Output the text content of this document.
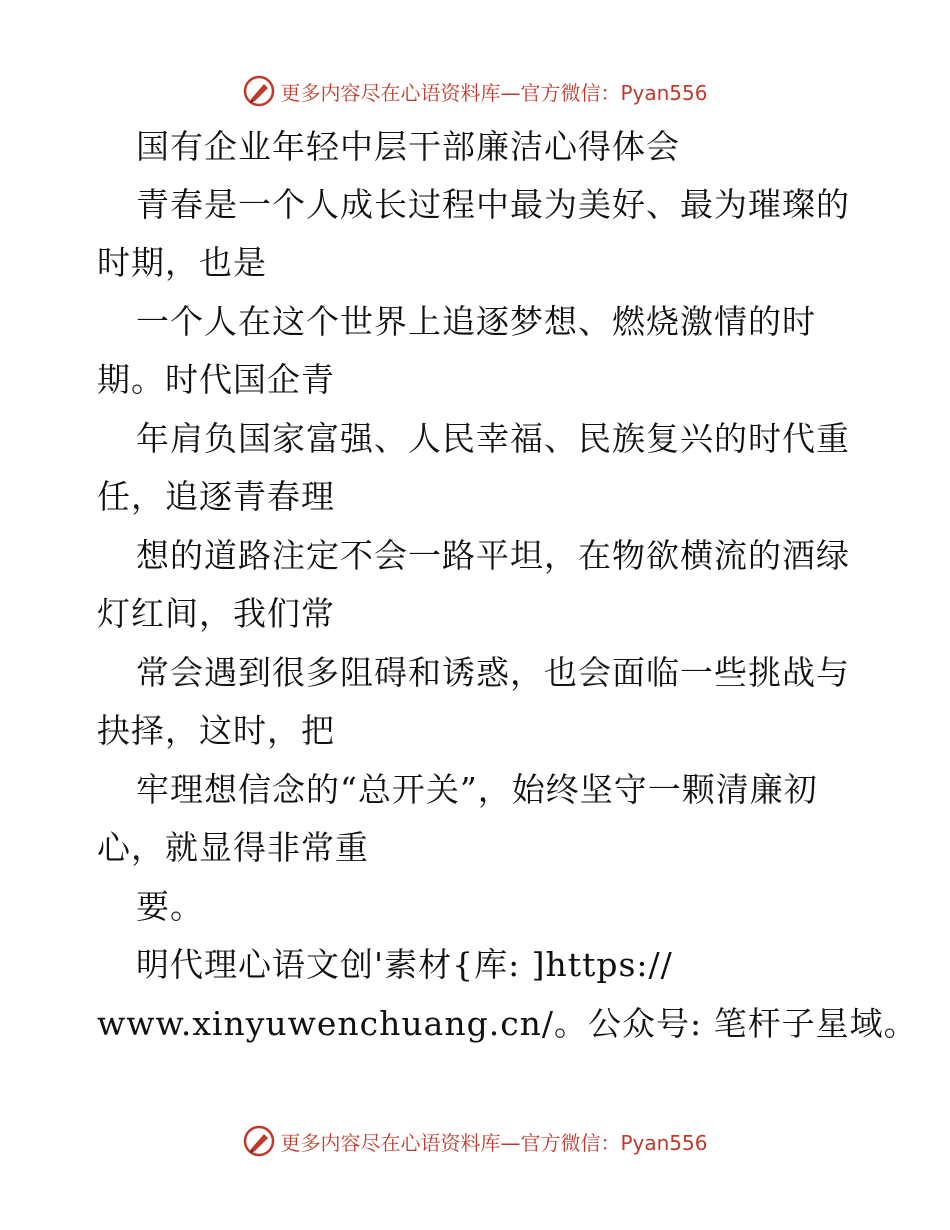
更多内容尽在心语资料库—官方微信：Pyan556
国有企业年轻中层干部廉洁心得体会
青春是一个人成长过程中最为美好、最为璀璨的
时期，也是
一个人在这个世界上追逐梦想、燃烧激情的时
期。时代国企青
年肩负国家富强、人民幸福、民族复兴的时代重
任，追逐青春理
想的道路注定不会一路平坦，在物欲横流的酒绿
灯红间，我们常
常会遇到很多阻碍和诱惑，也会面临一些挑战与
抉择，这时，把
牢理想信念的“总开关”，始终坚守一颗清廉初
心，就显得非常重
要。
明代理心语文创'素材{库: ]https://
www.xinyuwenchuang.cn/。公众号: 笔杆子星域。
更多内容尽在心语资料库—官方微信：Pyan556
